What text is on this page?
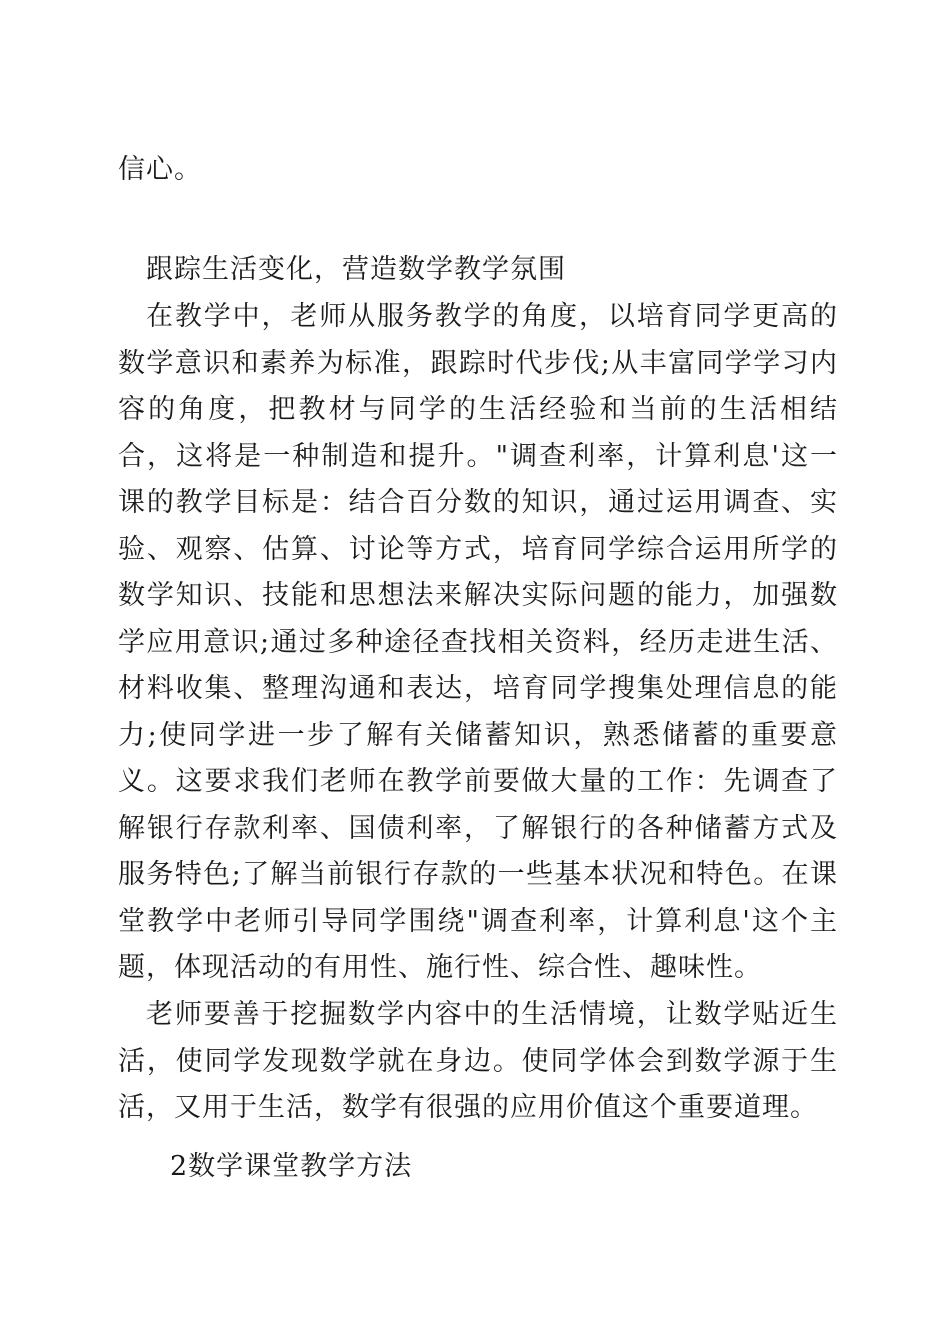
信心。

跟踪生活变化，营造数学教学氛围

在教学中，老师从服务教学的角度，以培育同学更高的数学意识和素养为标准，跟踪时代步伐;从丰富同学学习内容的角度，把教材与同学的生活经验和当前的生活相结合，这将是一种制造和提升。"调查利率，计算利息'这一课的教学目标是：结合百分数的知识，通过运用调查、实验、观察、估算、讨论等方式，培育同学综合运用所学的数学知识、技能和思想法来解决实际问题的能力，加强数学应用意识;通过多种途径查找相关资料，经历走进生活、材料收集、整理沟通和表达，培育同学搜集处理信息的能力;使同学进一步了解有关储蓄知识，熟悉储蓄的重要意义。这要求我们老师在教学前要做大量的工作：先调查了解银行存款利率、国债利率，了解银行的各种储蓄方式及服务特色;了解当前银行存款的一些基本状况和特色。在课堂教学中老师引导同学围绕"调查利率，计算利息'这个主题，体现活动的有用性、施行性、综合性、趣味性。

老师要善于挖掘数学内容中的生活情境，让数学贴近生活，使同学发现数学就在身边。使同学体会到数学源于生活，又用于生活，数学有很强的应用价值这个重要道理。

2数学课堂教学方法
